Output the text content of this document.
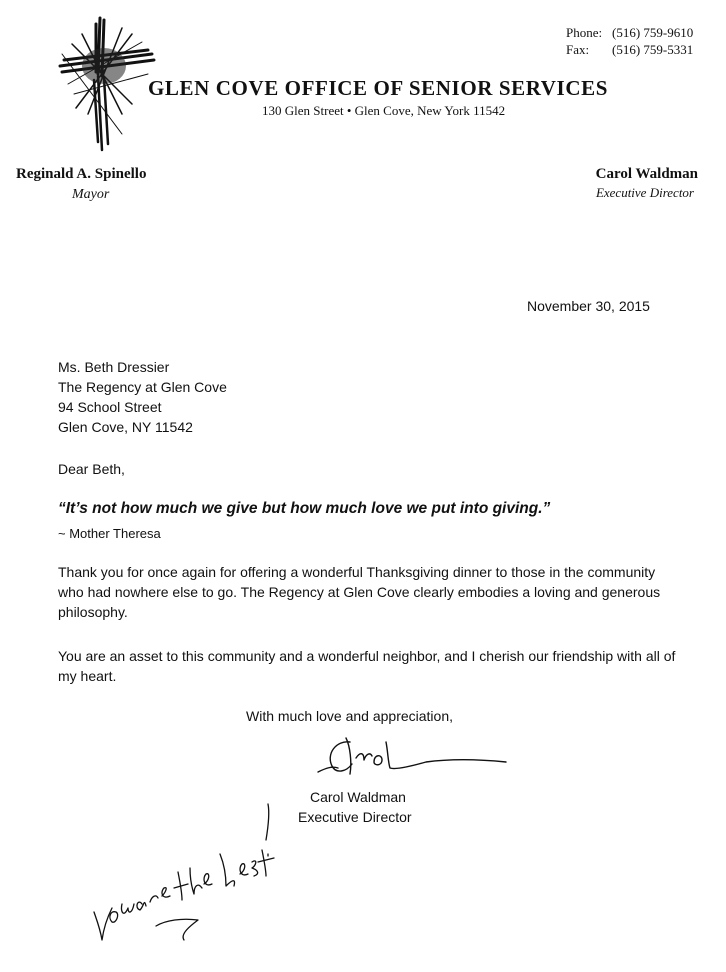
Phone: (516) 759-9610
Fax: (516) 759-5331
GLEN COVE OFFICE OF SENIOR SERVICES
130 Glen Street • Glen Cove, New York 11542
Reginald A. Spinello
Mayor
Carol Waldman
Executive Director
November 30, 2015
Ms. Beth Dressier
The Regency at Glen Cove
94 School Street
Glen Cove, NY 11542
Dear Beth,
“It’s not how much we give but how much love we put into giving.”
~ Mother Theresa
Thank you for once again for offering a wonderful Thanksgiving dinner to those in the community who had nowhere else to go. The Regency at Glen Cove clearly embodies a loving and generous philosophy.
You are an asset to this community and a wonderful neighbor, and I cherish our friendship with all of my heart.
With much love and appreciation,
Carol Waldman
Executive Director
